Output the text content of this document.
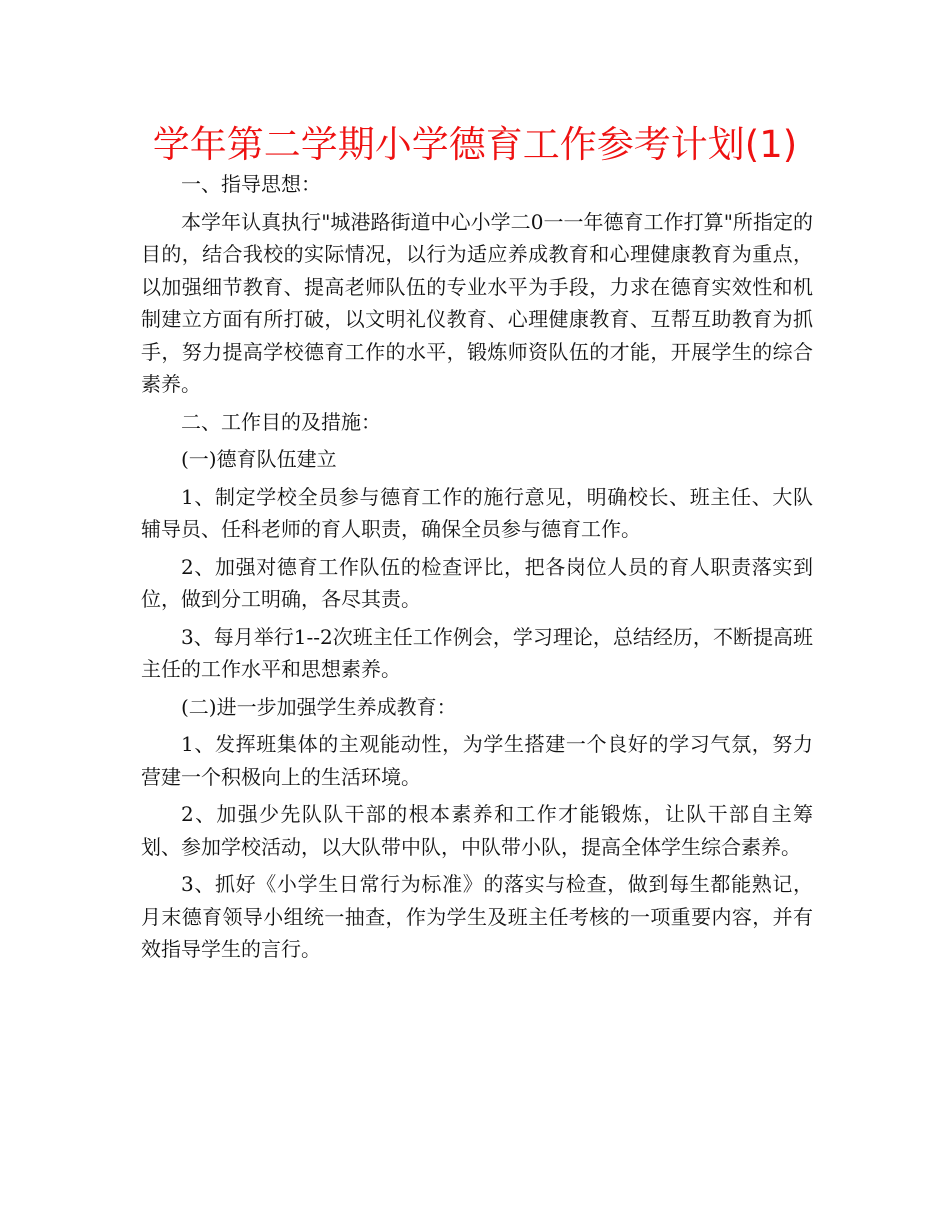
学年第二学期小学德育工作参考计划(1)

一、指导思想：

本学年认真执行"城港路街道中心小学二0一一年德育工作打算"所指定的目的，结合我校的实际情况，以行为适应养成教育和心理健康教育为重点，以加强细节教育、提高老师队伍的专业水平为手段，力求在德育实效性和机制建立方面有所打破，以文明礼仪教育、心理健康教育、互帮互助教育为抓手，努力提高学校德育工作的水平，锻炼师资队伍的才能，开展学生的综合素养。

二、工作目的及措施：

(一)德育队伍建立

1、制定学校全员参与德育工作的施行意见，明确校长、班主任、大队辅导员、任科老师的育人职责，确保全员参与德育工作。

2、加强对德育工作队伍的检查评比，把各岗位人员的育人职责落实到位，做到分工明确，各尽其责。

3、每月举行1--2次班主任工作例会，学习理论，总结经历，不断提高班主任的工作水平和思想素养。

(二)进一步加强学生养成教育：

1、发挥班集体的主观能动性，为学生搭建一个良好的学习气氛，努力营建一个积极向上的生活环境。

2、加强少先队队干部的根本素养和工作才能锻炼，让队干部自主筹划、参加学校活动，以大队带中队，中队带小队，提高全体学生综合素养。

3、抓好《小学生日常行为标准》的落实与检查，做到每生都能熟记，月末德育领导小组统一抽查，作为学生及班主任考核的一项重要内容，并有效指导学生的言行。
